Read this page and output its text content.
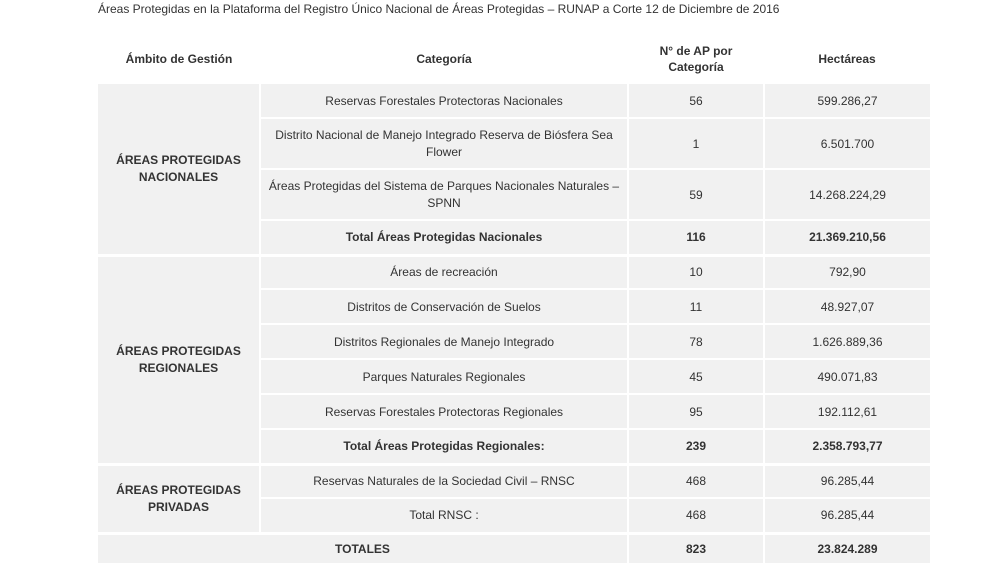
Áreas Protegidas en la Plataforma del Registro Único Nacional de Áreas Protegidas – RUNAP a Corte 12 de Diciembre de 2016
Ámbito de Gestión	Categoría	N° de AP por Categoría	Hectáreas
ÁREAS PROTEGIDAS NACIONALES	Reservas Forestales Protectoras Nacionales	56	599.286,27
	Distrito Nacional de Manejo Integrado Reserva de Biósfera Sea Flower	1	6.501.700
	Áreas Protegidas del Sistema de Parques Nacionales Naturales – SPNN	59	14.268.224,29
	Total Áreas Protegidas Nacionales	116	21.369.210,56
ÁREAS PROTEGIDAS REGIONALES	Áreas de recreación	10	792,90
	Distritos de Conservación de Suelos	11	48.927,07
	Distritos Regionales de Manejo Integrado	78	1.626.889,36
	Parques Naturales Regionales	45	490.071,83
	Reservas Forestales Protectoras Regionales	95	192.112,61
	Total Áreas Protegidas Regionales:	239	2.358.793,77
ÁREAS PROTEGIDAS PRIVADAS	Reservas Naturales de la Sociedad Civil – RNSC	468	96.285,44
	Total RNSC :	468	96.285,44
TOTALES		823	23.824.289
